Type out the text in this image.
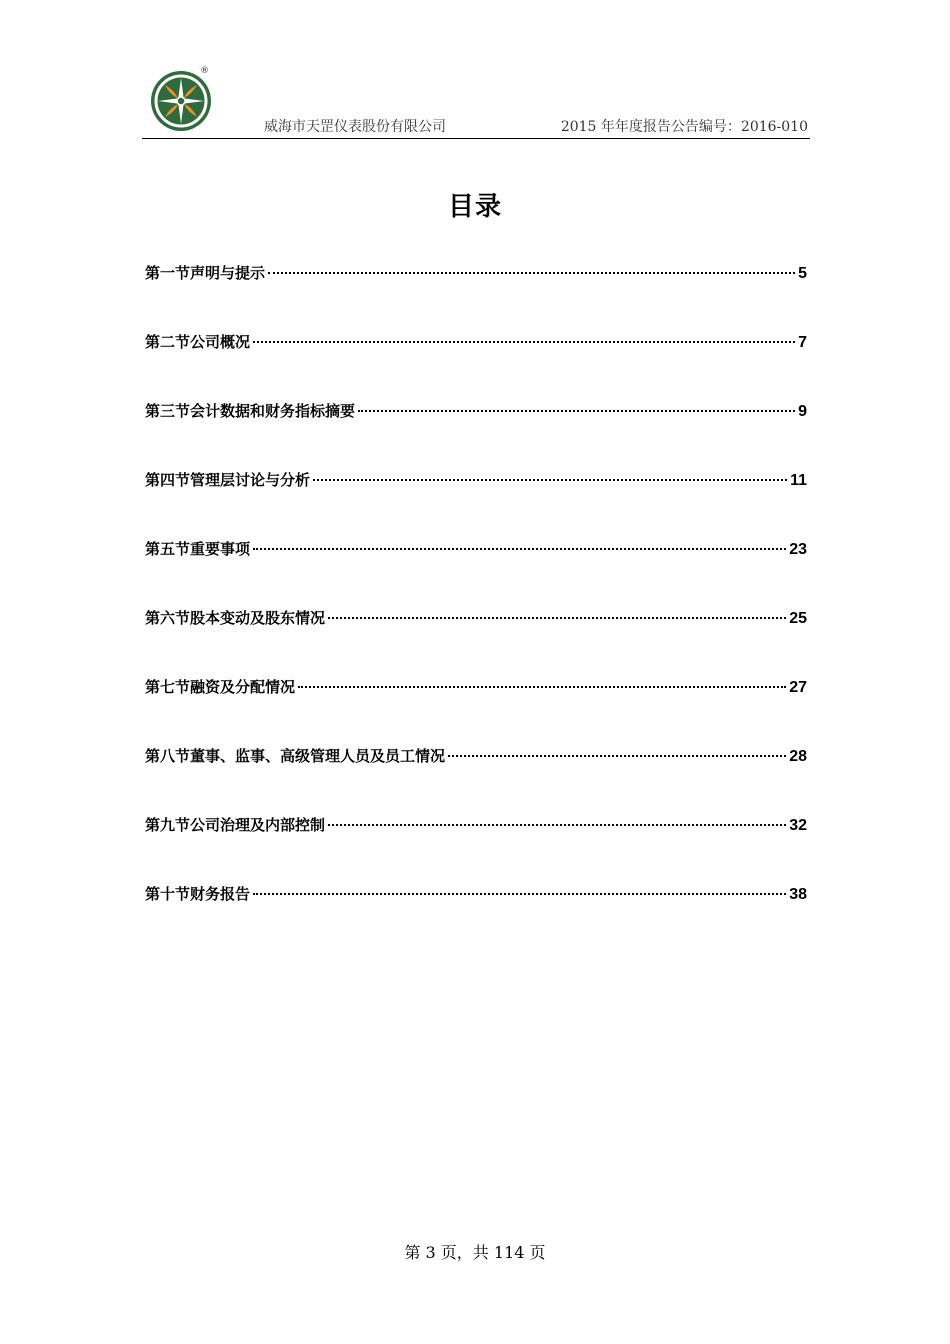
®
威海市天罡仪表股份有限公司	2015 年年度报告公告编号：2016-010
目录
第一节声明与提示	5
第二节公司概况	7
第三节会计数据和财务指标摘要	9
第四节管理层讨论与分析	11
第五节重要事项	23
第六节股本变动及股东情况	25
第七节融资及分配情况	27
第八节董事、监事、高级管理人员及员工情况	28
第九节公司治理及内部控制	32
第十节财务报告	38
第 3 页，共 114 页
